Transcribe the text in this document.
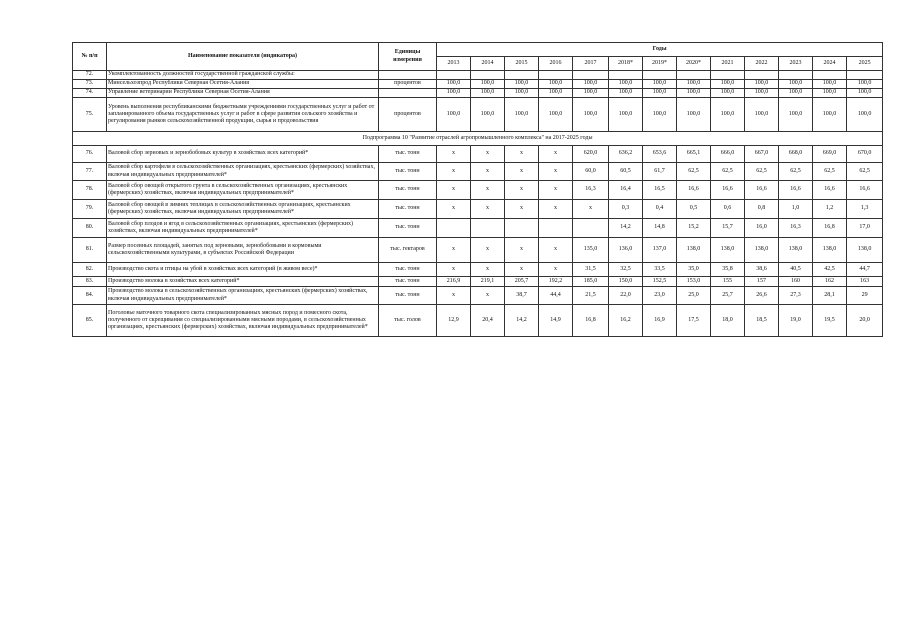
№ п/п	Наименование показателя (индикатора)	Единицы измерения	Годы												
			2013	2014	2015	2016	2017	2018*	2019*	2020*	2021	2022	2023	2024	2025
72.	Укомплектованность должностей государственной гражданской службы:														
73.	Минсельхозпрод Республики Северная Осетия-Алания	процентов	100,0	100,0	100,0	100,0	100,0	100,0	100,0	100,0	100,0	100,0	100,0	100,0	100,0
74.	Управление ветеринарии Республики Северная Осетия-Алания		100,0	100,0	100,0	100,0	100,0	100,0	100,0	100,0	100,0	100,0	100,0	100,0	100,0
75.	Уровень выполнения республиканскими бюджетными учреждениями государственных услуг и работ от запланированного объема государственных услуг и работ в сфере развития сельского хозяйства и регулирования рынков сельскохозяйственной продукции, сырья и продовольствия	процентов	100,0	100,0	100,0	100,0	100,0	100,0	100,0	100,0	100,0	100,0	100,0	100,0	100,0
Подпрограмма 10 "Развитие отраслей агропромышленного комплекса" на 2017-2025 годы															
76.	Валовой сбор зерновых и зернобобовых культур в хозяйствах всех категорий*	тыс. тонн	x	x	x	x	620,0	636,2	653,6	665,1	666,0	667,0	668,0	669,0	670,0
77.	Валовой сбор картофеля в сельскохозяйственных организациях, крестьянских (фермерских) хозяйствах, включая индивидуальных предпринимателей*	тыс. тонн	x	x	x	x	60,0	60,5	61,7	62,5	62,5	62,5	62,5	62,5	62,5
78.	Валовой сбор овощей открытого грунта в сельскохозяйственных организациях, крестьянских (фермерских) хозяйствах, включая индивидуальных предпринимателей*	тыс. тонн	x	x	x	x	16,3	16,4	16,5	16,6	16,6	16,6	16,6	16,6	16,6
79.	Валовой сбор овощей в зимних теплицах в сельскохозяйственных организациях, крестьянских (фермерских) хозяйствах, включая индивидуальных предпринимателей*	тыс. тонн	x	x	x	x	x	0,3	0,4	0,5	0,6	0,8	1,0	1,2	1,3
80.	Валовой сбор плодов и ягод в сельскохозяйственных организациях, крестьянских (фермерских) хозяйствах, включая индивидуальных предпринимателей*	тыс. тонн						14,2	14,8	15,2	15,7	16,0	16,3	16,8	17,0
81.	Размер посевных площадей, занятых под зерновыми, зернобобовыми и кормовыми сельскохозяйственными культурами, в субъектах Российской Федерации	тыс. гектаров	x	x	x	x	135,0	136,0	137,0	138,0	138,0	138,0	138,0	138,0	138,0
82.	Производство скота и птицы на убой в хозяйствах всех категорий (в живом весе)*	тыс. тонн	x	x	x	x	31,5	32,5	33,5	35,0	35,8	38,6	40,5	42,5	44,7
83.	Производство молока в хозяйствах всех категорий*	тыс. тонн	216,9	219,1	205,7	192,2	185,0	150,0	152,5	153,0	155	157	160	162	163
84.	Производство молока в сельскохозяйственных организациях, крестьянских (фермерских) хозяйствах, включая индивидуальных предпринимателей*	тыс. тонн	x	x	38,7	44,4	21,5	22,0	23,0	25,0	25,7	26,6	27,3	28,1	29
85.	Поголовье маточного товарного скота специализированных мясных пород и помесного скота, полученного от скрещивания со специализированными мясными породами, в сельскохозяйственных организациях, крестьянских (фермерских) хозяйствах, включая индивидуальных предпринимателей*	тыс. голов	12,9	20,4	14,2	14,9	16,8	16,2	16,9	17,5	18,0	18,5	19,0	19,5	20,0
